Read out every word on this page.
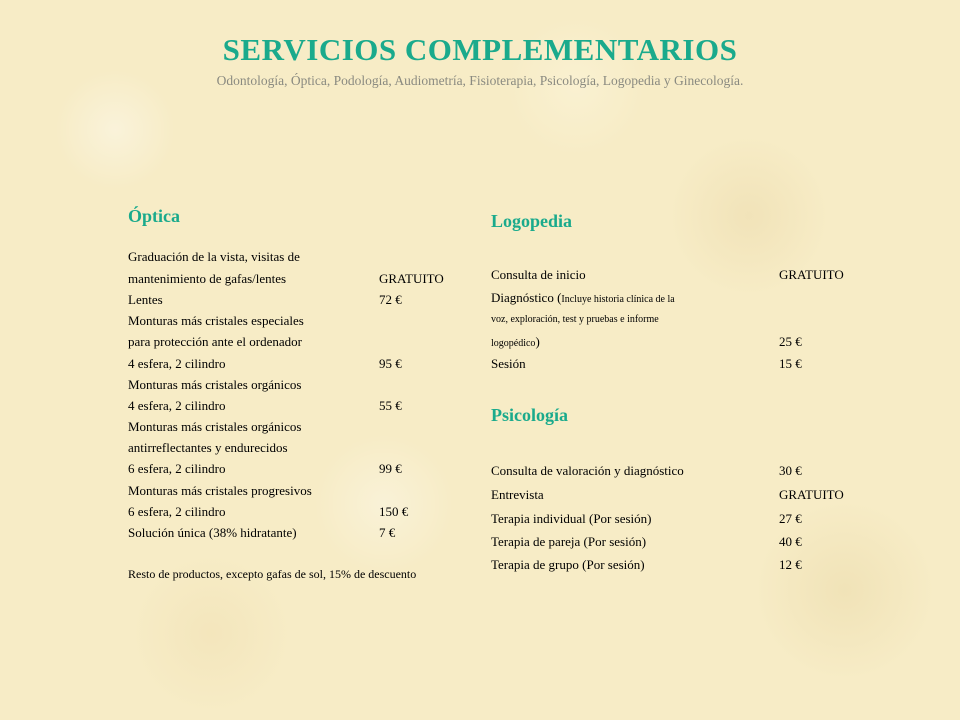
SERVICIOS COMPLEMENTARIOS
Odontología, Óptica, Podología, Audiometría, Fisioterapia, Psicología, Logopedia y Ginecología.
Óptica
Graduación de la vista, visitas de
mantenimiento de gafas/lentes	GRATUITO
Lentes	72 €
Monturas más cristales especiales
para protección ante el ordenador
4 esfera, 2 cilindro	95 €
Monturas más cristales orgánicos
4 esfera, 2 cilindro	55 €
Monturas más cristales orgánicos
antirreflectantes y endurecidos
6 esfera, 2 cilindro	99 €
Monturas más cristales progresivos
6 esfera, 2 cilindro	150 €
Solución única (38% hidratante)	7 €
Resto de productos, excepto gafas de sol, 15% de descuento
Logopedia
Consulta de inicio	GRATUITO
Diagnóstico (Incluye historia clínica de la
voz, exploración, test y pruebas e informe
logopédico)	25 €
Sesión	15 €
Psicología
Consulta de valoración y diagnóstico	30 €
Entrevista	GRATUITO
Terapia individual (Por sesión)	27 €
Terapia de pareja (Por sesión)	40 €
Terapia de grupo (Por sesión)	12 €
